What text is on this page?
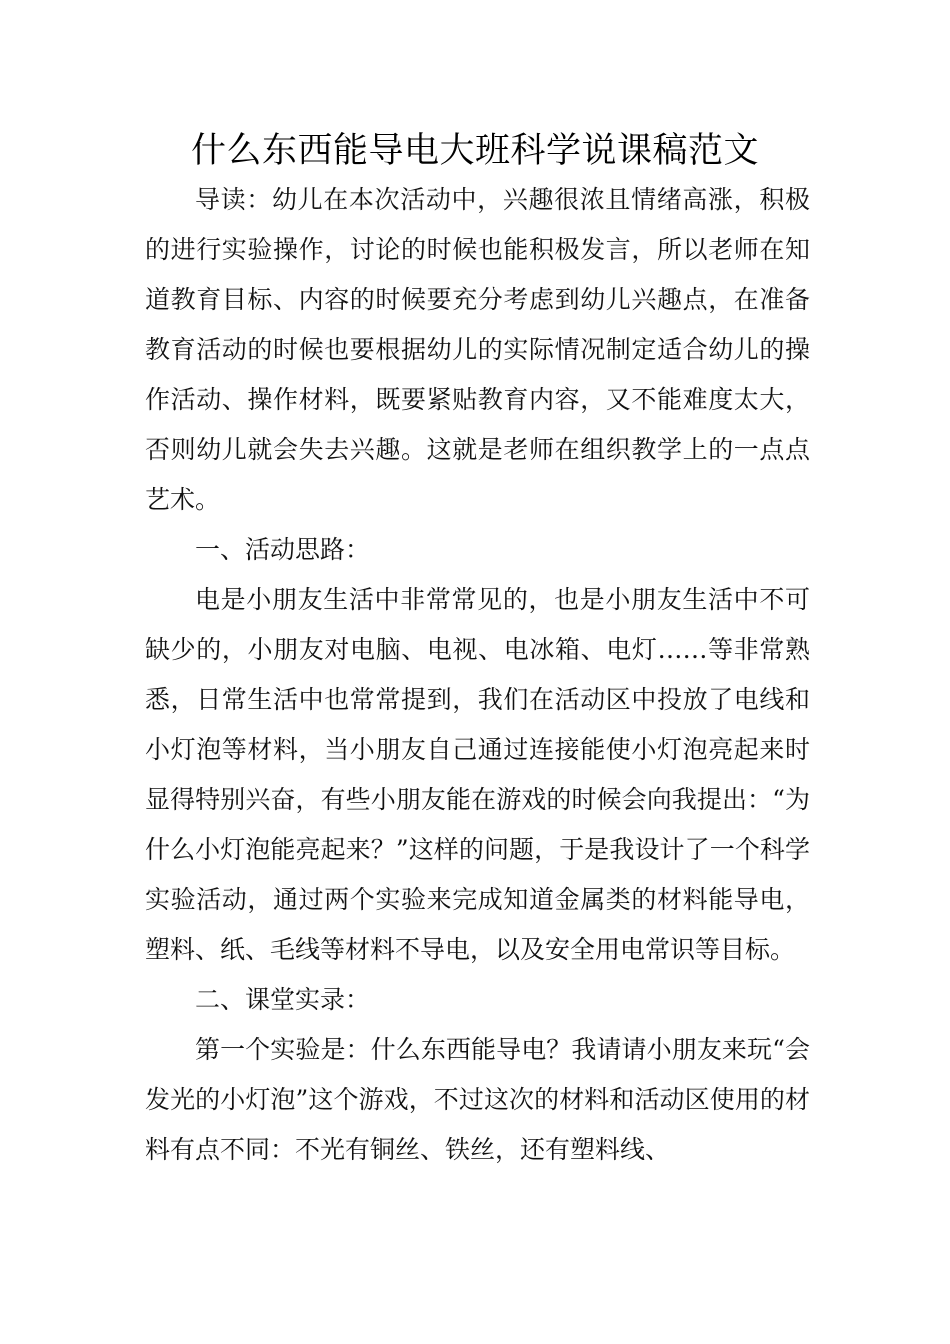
什么东西能导电大班科学说课稿范文

导读：幼儿在本次活动中，兴趣很浓且情绪高涨，积极的进行实验操作，讨论的时候也能积极发言，所以老师在知道教育目标、内容的时候要充分考虑到幼儿兴趣点，在准备教育活动的时候也要根据幼儿的实际情况制定适合幼儿的操作活动、操作材料，既要紧贴教育内容，又不能难度太大，否则幼儿就会失去兴趣。这就是老师在组织教学上的一点点艺术。

一、活动思路：

电是小朋友生活中非常常见的，也是小朋友生活中不可缺少的，小朋友对电脑、电视、电冰箱、电灯……等非常熟悉，日常生活中也常常提到，我们在活动区中投放了电线和小灯泡等材料，当小朋友自己通过连接能使小灯泡亮起来时显得特别兴奋，有些小朋友能在游戏的时候会向我提出：“为什么小灯泡能亮起来？”这样的问题，于是我设计了一个科学实验活动，通过两个实验来完成知道金属类的材料能导电，塑料、纸、毛线等材料不导电，以及安全用电常识等目标。

二、课堂实录：

第一个实验是：什么东西能导电？我请请小朋友来玩“会发光的小灯泡”这个游戏，不过这次的材料和活动区使用的材料有点不同：不光有铜丝、铁丝，还有塑料线、
